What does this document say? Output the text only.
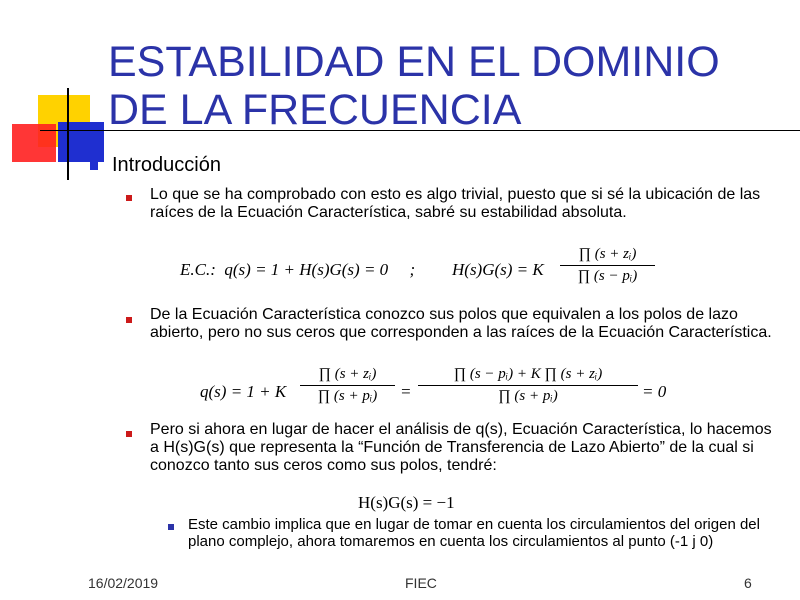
ESTABILIDAD EN EL DOMINIO DE LA FRECUENCIA
Introducción
Lo que se ha comprobado con esto es algo trivial, puesto que si sé la ubicación de las raíces de la Ecuación Característica, sabré su estabilidad absoluta.
E.C.: q(s) = 1 + H(s)G(s) = 0 ; H(s)G(s) = K $\frac{\text{∏ (s + zᵢ)}}{\text{∏ (s − pᵢ)}}$
De la Ecuación Característica conozco sus polos que equivalen a los polos de lazo abierto, pero no sus ceros que corresponden a las raíces de la Ecuación Característica.
q(s) = 1 + K $\frac{\text{∏ (s + zᵢ)}}{\text{∏ (s + pᵢ)}} = \frac{\text{∏ (s − pᵢ) + K ∏ (s + zᵢ)}}{\text{∏ (s + pᵢ)}} = 0$
Pero si ahora en lugar de hacer el análisis de q(s), Ecuación Característica, lo hacemos a H(s)G(s) que representa la “Función de Transferencia de Lazo Abierto” de la cual si conozco tanto sus ceros como sus polos, tendré:
H(s)G(s) = −1
Este cambio implica que en lugar de tomar en cuenta los circulamientos del origen del plano complejo, ahora tomaremos en cuenta los circulamientos al punto (-1 j 0)
16/02/2019	FIEC	6
